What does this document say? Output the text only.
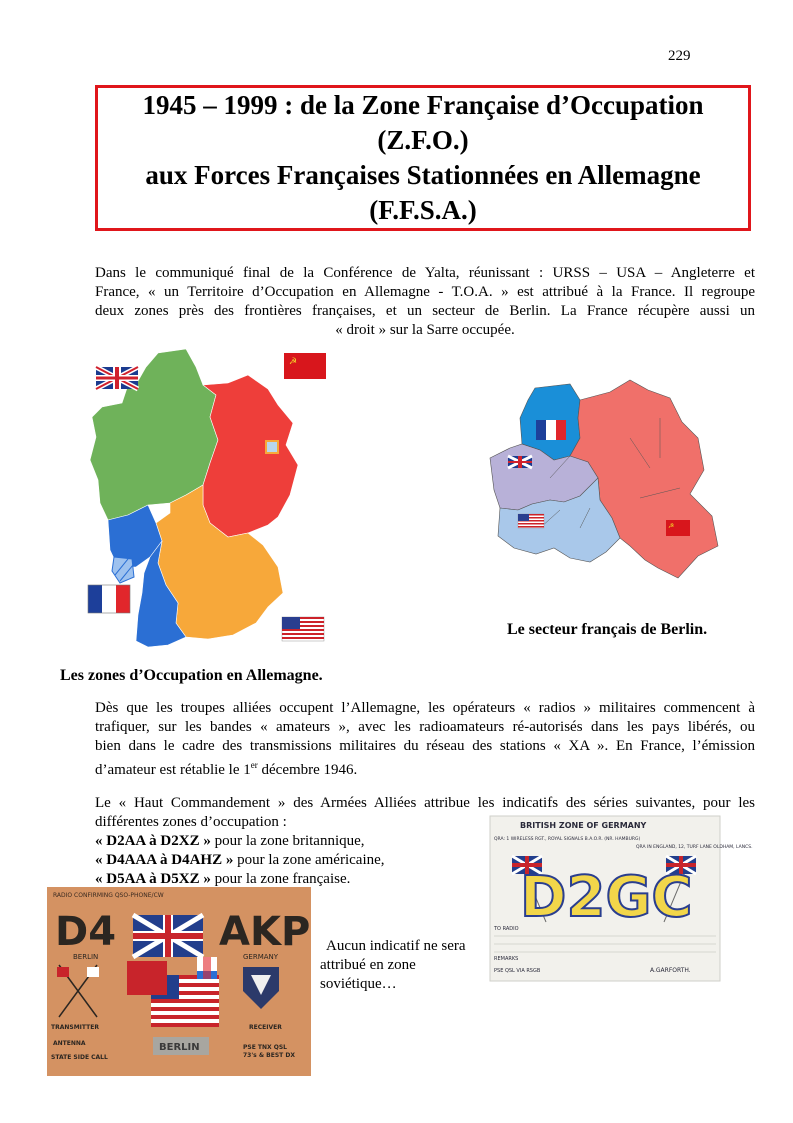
229
1945 – 1999 : de la Zone Française d’Occupation
(Z.F.O.)
aux Forces Françaises Stationnées en Allemagne
(F.F.S.A.)
Dans le communiqué final de la Conférence de Yalta, réunissant : URSS – USA – Angleterre et
France, « un Territoire d’Occupation en Allemagne - T.O.A. » est attribué à la France. Il regroupe
deux zones près des frontières françaises, et un secteur de Berlin. La France récupère aussi un
« droit » sur la Sarre occupée.
☭
☭
Le secteur français de Berlin.
Les zones d’Occupation en Allemagne.
Dès que les troupes alliées occupent l’Allemagne, les opérateurs « radios » militaires commencent à
trafiquer, sur les bandes « amateurs », avec les radioamateurs ré-autorisés dans les pays libérés, ou
bien dans le cadre des transmissions militaires du réseau des stations « XA ». En France, l’émission
d’amateur est rétablie le 1er décembre 1946.
Le « Haut Commandement » des Armées Alliées attribue les indicatifs des séries suivantes, pour les
différentes zones d’occupation :
« D2AA à D2XZ » pour la zone britannique,
« D4AAA à D4AHZ » pour la zone américaine,
« D5AA à D5XZ » pour la zone française.
RADIO CONFIRMING QSO-PHONE/CW
D4	AKP
BERLIN	GERMANY
BERLIN
TRANSMITTER
ANTENNA
STATE SIDE CALL
RECEIVER
PSE TNX QSL
73's & BEST DX
Aucun indicatif ne sera
attribué en zone
soviétique…
BRITISH ZONE OF GERMANY
QRA: 1 WIRELESS RGT., ROYAL SIGNALS B.A.O.R. (NR. HAMBURG)
QRA IN ENGLAND, 12, TURF LANE OLDHAM, LANCS.
D2GC
TO RADIO
REMARKS
PSE QSL VIA RSGB	A.GARFORTH.
